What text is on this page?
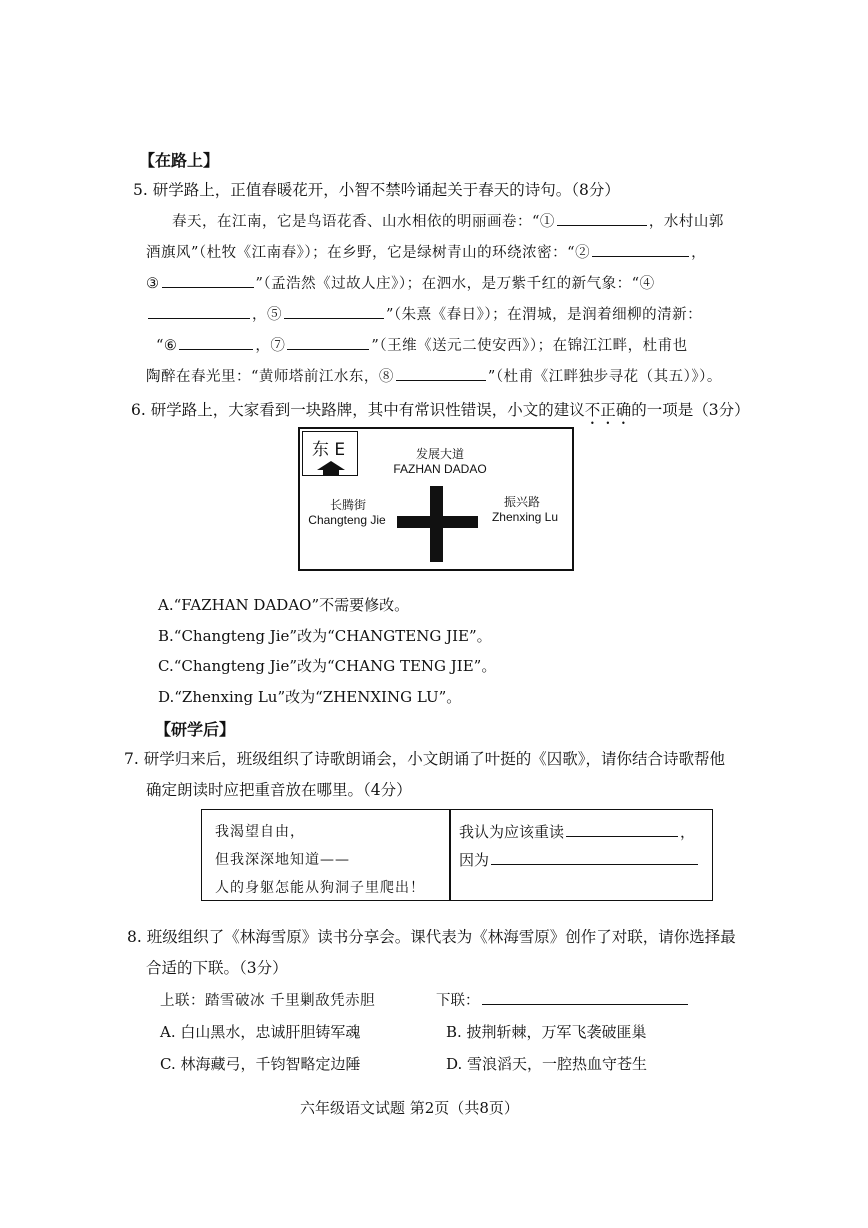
【在路上】
5. 研学路上，正值春暖花开，小智不禁吟诵起关于春天的诗句。（8分）
春天，在江南，它是鸟语花香、山水相依的明丽画卷：“①	，水村山郭
酒旗风”（杜牧《江南春》）；在乡野，它是绿树青山的环绕浓密：“②	，
③	”（孟浩然《过故人庄》）；在泗水，是万紫千红的新气象：“④
，⑤	”（朱熹《春日》）；在渭城，是润着细柳的清新：
“⑥	，⑦	”（王维《送元二使安西》）；在锦江江畔，杜甫也
陶醉在春光里：“黄师塔前江水东，⑧	”（杜甫《江畔独步寻花（其五）》）。
6. 研学路上，大家看到一块路牌，其中有常识性错误，小文的建议不正确的一项是（3分）
东 E	发展大道
FAZHAN DADAO
长腾街
Changteng Jie
振兴路
Zhenxing Lu
A.“FAZHAN DADAO”不需要修改。
B.“Changteng Jie”改为“CHANGTENG JIE”。
C.“Changteng Jie”改为“CHANG TENG JIE”。
D.“Zhenxing Lu”改为“ZHENXING LU”。
【研学后】
7. 研学归来后，班级组织了诗歌朗诵会，小文朗诵了叶挺的《囚歌》，请你结合诗歌帮他
确定朗读时应把重音放在哪里。（4分）
我渴望自由，
但我深深地知道——
人的身躯怎能从狗洞子里爬出！
我认为应该重读	，
因为
8. 班级组织了《林海雪原》读书分享会。课代表为《林海雪原》创作了对联，请你选择最
合适的下联。（3分）
上联：踏雪破冰 千里剿敌凭赤胆	下联：
A. 白山黑水，忠诚肝胆铸军魂	B. 披荆斩棘，万军飞袭破匪巢
C. 林海藏弓，千钧智略定边陲	D. 雪浪滔天，一腔热血守苍生
六年级语文试题 第2页（共8页）
